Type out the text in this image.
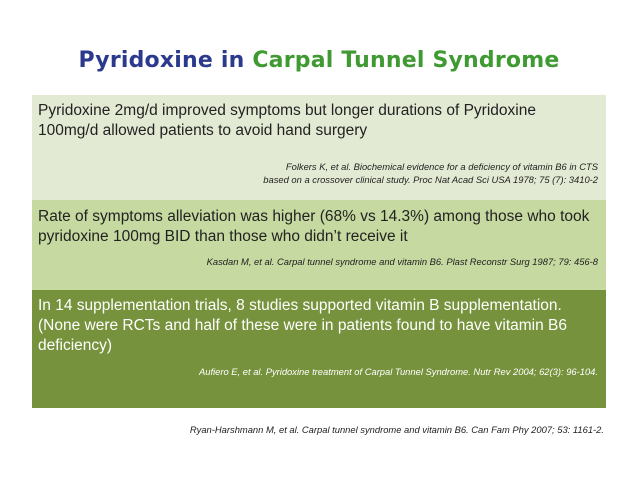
Pyridoxine in Carpal Tunnel Syndrome

Pyridoxine 2mg/d improved symptoms but longer durations of Pyridoxine 100mg/d allowed patients to avoid hand surgery

Folkers K, et al. Biochemical evidence for a deficiency of vitamin B6 in CTS
based on a crossover clinical study. Proc Nat Acad Sci USA 1978; 75 (7): 3410-2

Rate of symptoms alleviation was higher (68% vs 14.3%) among those who took pyridoxine 100mg BID than those who didn’t receive it

Kasdan M, et al. Carpal tunnel syndrome and vitamin B6. Plast Reconstr Surg 1987; 79: 456-8

In 14 supplementation trials, 8 studies supported vitamin B supplementation. (None were RCTs and half of these were in patients found to have vitamin B6 deficiency)

Aufiero E, et al. Pyridoxine treatment of Carpal Tunnel Syndrome. Nutr Rev 2004; 62(3): 96-104.

Ryan-Harshmann M, et al. Carpal tunnel syndrome and vitamin B6. Can Fam Phy 2007; 53: 1161-2.
